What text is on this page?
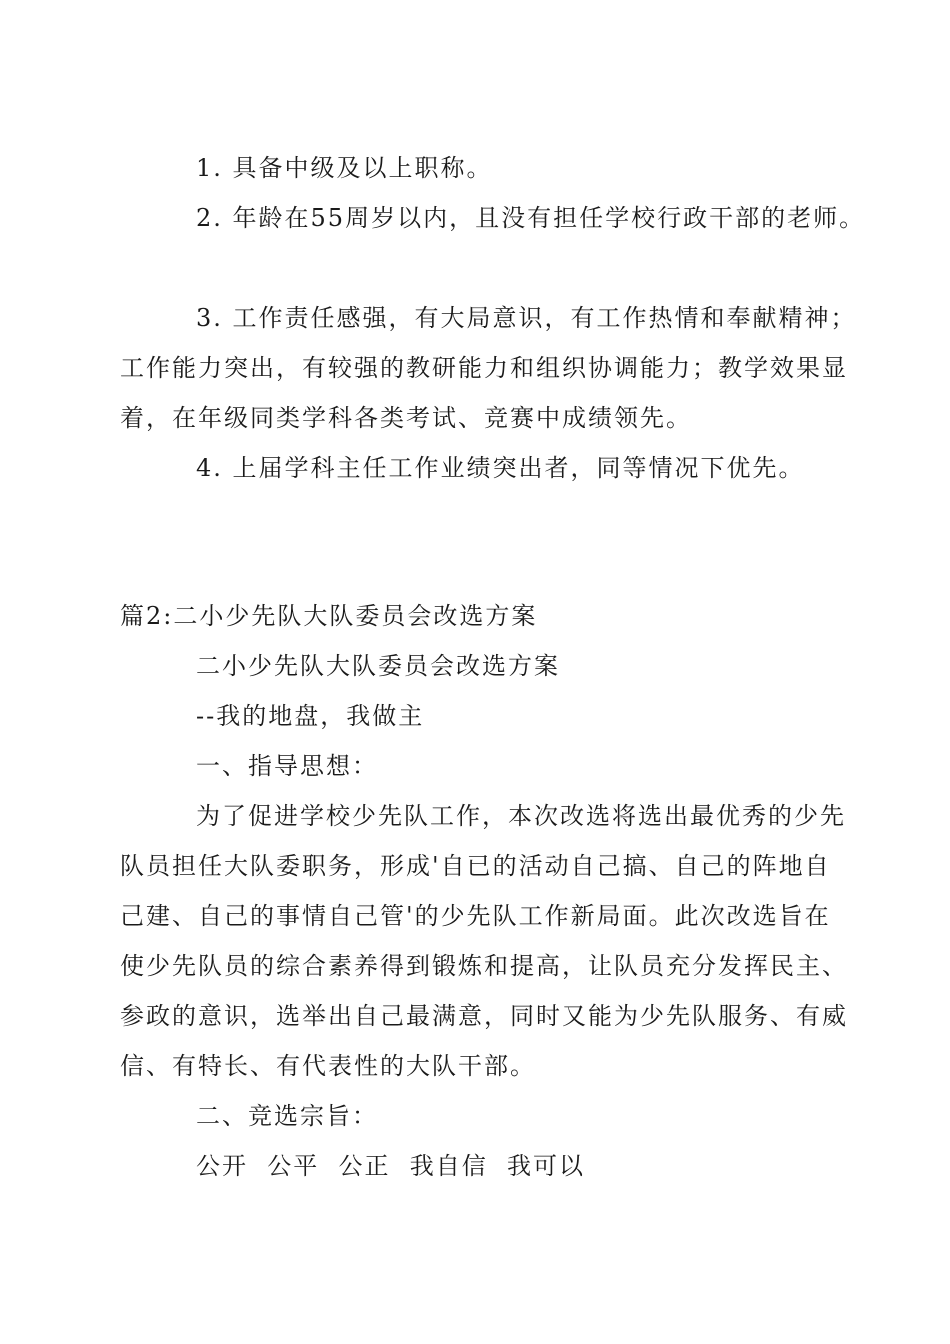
1. 具备中级及以上职称。
2. 年龄在55周岁以内，且没有担任学校行政干部的老师。
3. 工作责任感强，有大局意识，有工作热情和奉献精神；
工作能力突出，有较强的教研能力和组织协调能力；教学效果显
着，在年级同类学科各类考试、竞赛中成绩领先。
4. 上届学科主任工作业绩突出者，同等情况下优先。
篇2:二小少先队大队委员会改选方案
二小少先队大队委员会改选方案
--我的地盘，我做主
一、指导思想：
为了促进学校少先队工作，本次改选将选出最优秀的少先
队员担任大队委职务，形成'自已的活动自己搞、自己的阵地自
己建、自己的事情自己管'的少先队工作新局面。此次改选旨在
使少先队员的综合素养得到锻炼和提高，让队员充分发挥民主、
参政的意识，选举出自己最满意，同时又能为少先队服务、有威
信、有特长、有代表性的大队干部。
二、竞选宗旨：
公开  公平  公正  我自信  我可以
